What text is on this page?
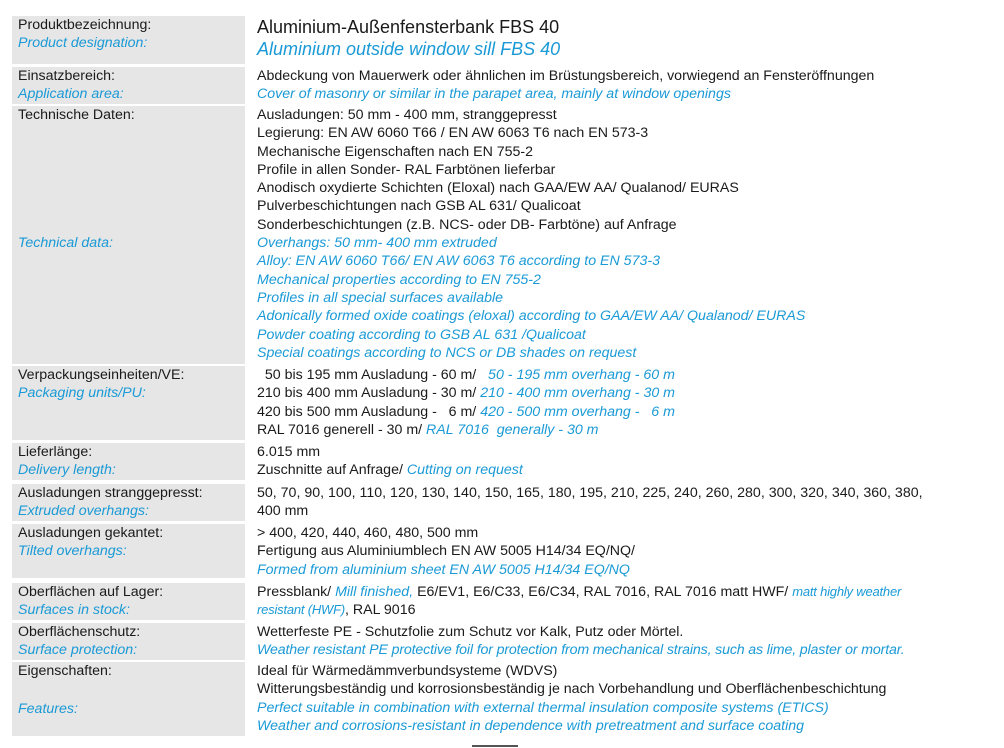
Produktbezeichnung:
Product designation:
Aluminium-Außenfensterbank FBS 40
Aluminium outside window sill FBS 40
Einsatzbereich:
Application area:
Abdeckung von Mauerwerk oder ähnlichen im Brüstungsbereich, vorwiegend an Fensteröffnungen
Cover of masonry or similar in the parapet area, mainly at window openings
Technische Daten:
Technical data:
Ausladungen: 50 mm - 400 mm, stranggepresst
Legierung: EN AW 6060 T66 / EN AW 6063 T6 nach EN 573-3
Mechanische Eigenschaften nach EN 755-2
Profile in allen Sonder- RAL Farbtönen lieferbar
Anodisch oxydierte Schichten (Eloxal) nach GAA/EW AA/ Qualanod/ EURAS
Pulverbeschichtungen nach GSB AL 631/ Qualicoat
Sonderbeschichtungen (z.B. NCS- oder DB- Farbtöne) auf Anfrage
Overhangs: 50 mm- 400 mm extruded
Alloy: EN AW 6060 T66/ EN AW 6063 T6 according to EN 573-3
Mechanical properties according to EN 755-2
Profiles in all special surfaces available
Adonically formed oxide coatings (eloxal) according to GAA/EW AA/ Qualanod/ EURAS
Powder coating according to GSB AL 631 /Qualicoat
Special coatings according to NCS or DB shades on request
Verpackungseinheiten/VE:
Packaging units/PU:
50 bis 195 mm Ausladung - 60 m/   50 - 195 mm overhang - 60 m
210 bis 400 mm Ausladung - 30 m/ 210 - 400 mm overhang - 30 m
420 bis 500 mm Ausladung -   6 m/ 420 - 500 mm overhang -   6 m
RAL 7016 generell - 30 m/ RAL 7016  generally - 30 m
Lieferlänge:
Delivery length:
6.015 mm
Zuschnitte auf Anfrage/ Cutting on request
Ausladungen stranggepresst:
Extruded overhangs:
50, 70, 90, 100, 110, 120, 130, 140, 150, 165, 180, 195, 210, 225, 240, 260, 280, 300, 320, 340, 360, 380,
400 mm
Ausladungen gekantet:
Tilted overhangs:
> 400, 420, 440, 460, 480, 500 mm
Fertigung aus Aluminiumblech EN AW 5005 H14/34 EQ/NQ/
Formed from aluminium sheet EN AW 5005 H14/34 EQ/NQ
Oberflächen auf Lager:
Surfaces in stock:
Pressblank/ Mill finished, E6/EV1, E6/C33, E6/C34, RAL 7016, RAL 7016 matt HWF/ matt highly weather
resistant (HWF), RAL 9016
Oberflächenschutz:
Surface protection:
Wetterfeste PE - Schutzfolie zum Schutz vor Kalk, Putz oder Mörtel.
Weather resistant PE protective foil for protection from mechanical strains, such as lime, plaster or mortar.
Eigenschaften:
Features:
Ideal für Wärmedämmverbundsysteme (WDVS)
Witterungsbeständig und korrosionsbeständig je nach Vorbehandlung und Oberflächenbeschichtung
Perfect suitable in combination with external thermal insulation composite systems (ETICS)
Weather and corrosions-resistant in dependence with pretreatment and surface coating
